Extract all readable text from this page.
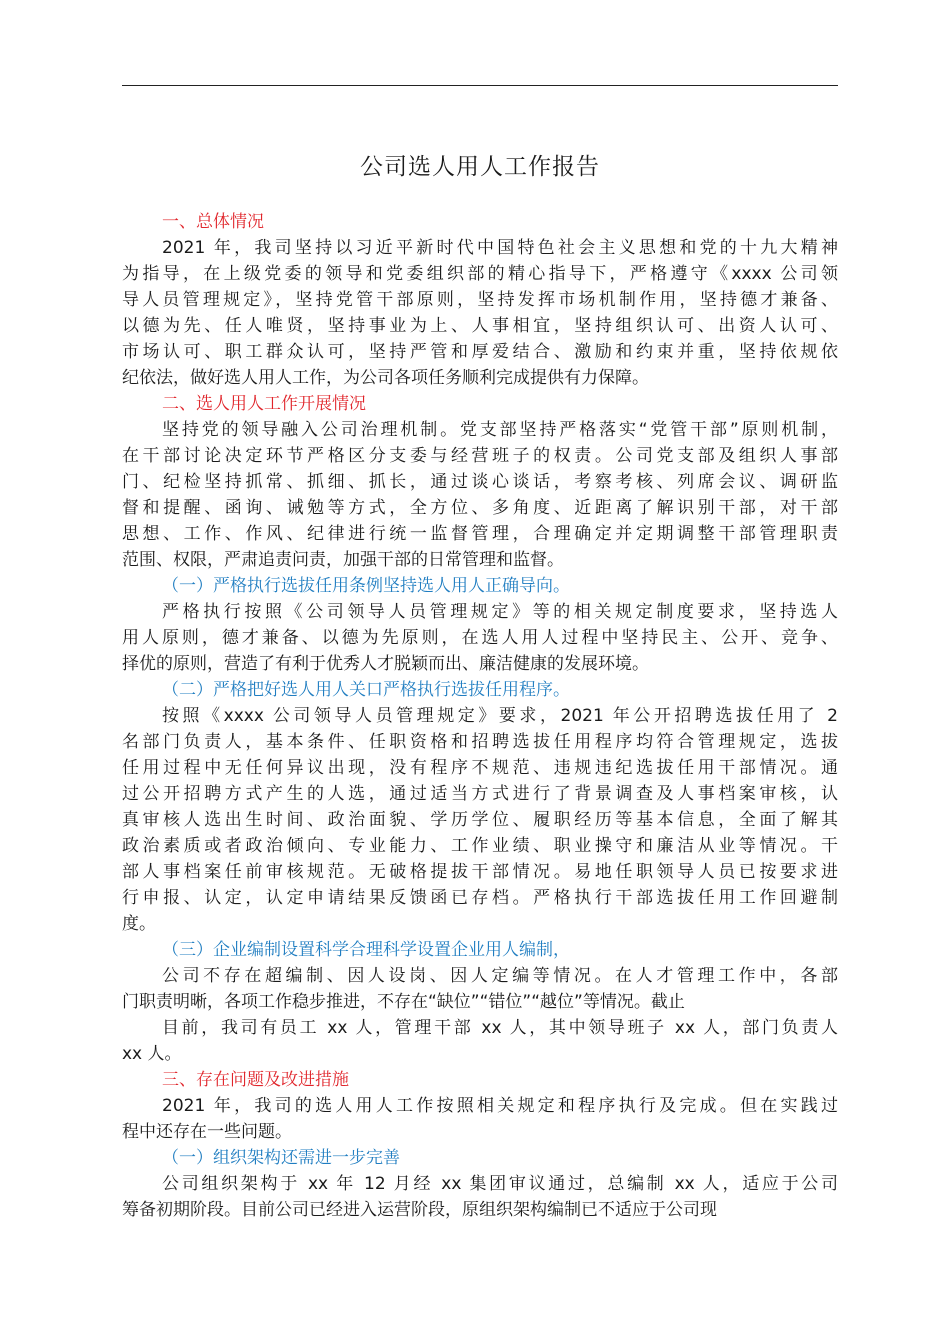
公司选人用人工作报告
一、总体情况
2021 年，我司坚持以习近平新时代中国特色社会主义思想和党的十九大精神
为指导，在上级党委的领导和党委组织部的精心指导下，严格遵守《xxxx 公司领
导人员管理规定》，坚持党管干部原则，坚持发挥市场机制作用，坚持德才兼备、
以德为先、任人唯贤，坚持事业为上、人事相宜，坚持组织认可、出资人认可、
市场认可、职工群众认可，坚持严管和厚爱结合、激励和约束并重，坚持依规依
纪依法，做好选人用人工作，为公司各项任务顺利完成提供有力保障。
二、选人用人工作开展情况
坚持党的领导融入公司治理机制。党支部坚持严格落实“党管干部”原则机制，
在干部讨论决定环节严格区分支委与经营班子的权责。公司党支部及组织人事部
门、纪检坚持抓常、抓细、抓长，通过谈心谈话，考察考核、列席会议、调研监
督和提醒、函询、诫勉等方式，全方位、多角度、近距离了解识别干部，对干部
思想、工作、作风、纪律进行统一监督管理，合理确定并定期调整干部管理职责
范围、权限，严肃追责问责，加强干部的日常管理和监督。
（一）严格执行选拔任用条例坚持选人用人正确导向。
严格执行按照《公司领导人员管理规定》等的相关规定制度要求，坚持选人
用人原则，德才兼备、以德为先原则，在选人用人过程中坚持民主、公开、竞争、
择优的原则，营造了有利于优秀人才脱颖而出、廉洁健康的发展环境。
（二）严格把好选人用人关口严格执行选拔任用程序。
按照《xxxx 公司领导人员管理规定》要求，2021 年公开招聘选拔任用了 2
名部门负责人，基本条件、任职资格和招聘选拔任用程序均符合管理规定，选拔
任用过程中无任何异议出现，没有程序不规范、违规违纪选拔任用干部情况。通
过公开招聘方式产生的人选，通过适当方式进行了背景调查及人事档案审核，认
真审核人选出生时间、政治面貌、学历学位、履职经历等基本信息，全面了解其
政治素质或者政治倾向、专业能力、工作业绩、职业操守和廉洁从业等情况。干
部人事档案任前审核规范。无破格提拔干部情况。易地任职领导人员已按要求进
行申报、认定，认定申请结果反馈函已存档。严格执行干部选拔任用工作回避制
度。
（三）企业编制设置科学合理科学设置企业用人编制，
公司不存在超编制、因人设岗、因人定编等情况。在人才管理工作中，各部
门职责明晰，各项工作稳步推进，不存在“缺位”“错位”“越位”等情况。截止
目前，我司有员工 xx 人，管理干部 xx 人，其中领导班子 xx 人，部门负责人
xx 人。
三、存在问题及改进措施
2021 年，我司的选人用人工作按照相关规定和程序执行及完成。但在实践过
程中还存在一些问题。
（一）组织架构还需进一步完善
公司组织架构于 xx 年 12 月经 xx 集团审议通过，总编制 xx 人，适应于公司
筹备初期阶段。目前公司已经进入运营阶段，原组织架构编制已不适应于公司现
